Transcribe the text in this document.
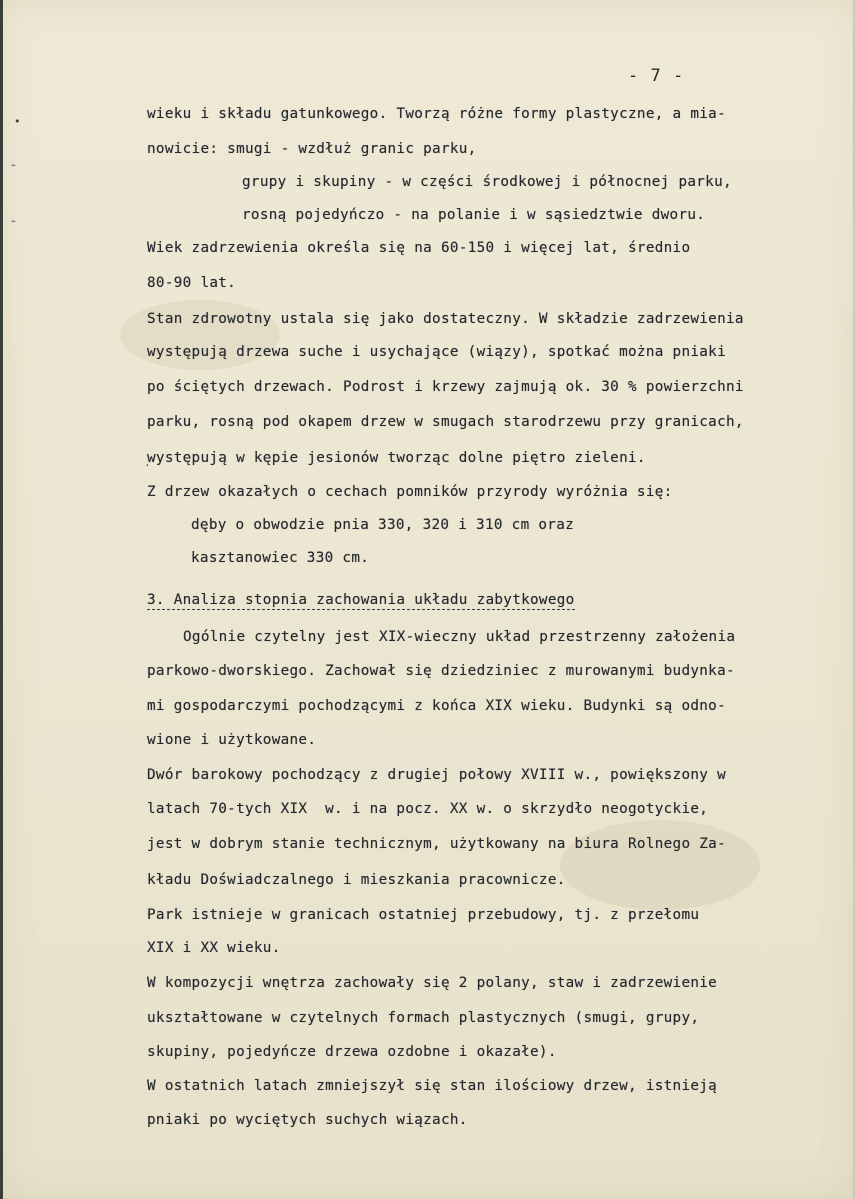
- 7 -
•
˜
˜
·
wieku i składu gatunkowego. Tworzą różne formy plastyczne, a mia-
nowicie: smugi - wzdłuż granic parku,
grupy i skupiny - w części środkowej i północnej parku,
rosną pojedyńczo - na polanie i w sąsiedztwie dworu.
Wiek zadrzewienia określa się na 60-150 i więcej lat, średnio
80-90 lat.
Stan zdrowotny ustala się jako dostateczny. W składzie zadrzewienia
występują drzewa suche i usychające (wiązy), spotkać można pniaki
po ściętych drzewach. Podrost i krzewy zajmują ok. 30 % powierzchni
parku, rosną pod okapem drzew w smugach starodrzewu przy granicach,
występują w kępie jesionów tworząc dolne piętro zieleni.
Z drzew okazałych o cechach pomników przyrody wyróżnia się:
dęby o obwodzie pnia 330, 320 i 310 cm oraz
kasztanowiec 330 cm.
3. Analiza stopnia zachowania układu zabytkowego
Ogólnie czytelny jest XIX-wieczny układ przestrzenny założenia
parkowo-dworskiego. Zachował się dziedziniec z murowanymi budynka-
mi gospodarczymi pochodzącymi z końca XIX wieku. Budynki są odno-
wione i użytkowane.
Dwór barokowy pochodzący z drugiej połowy XVIII w., powiększony w
latach 70-tych XIX  w. i na pocz. XX w. o skrzydło neogotyckie,
jest w dobrym stanie technicznym, użytkowany na biura Rolnego Za-
kładu Doświadczalnego i mieszkania pracownicze.
Park istnieje w granicach ostatniej przebudowy, tj. z przełomu
XIX i XX wieku.
W kompozycji wnętrza zachowały się 2 polany, staw i zadrzewienie
ukształtowane w czytelnych formach plastycznych (smugi, grupy,
skupiny, pojedyńcze drzewa ozdobne i okazałe).
W ostatnich latach zmniejszył się stan ilościowy drzew, istnieją
pniaki po wyciętych suchych wiązach.
